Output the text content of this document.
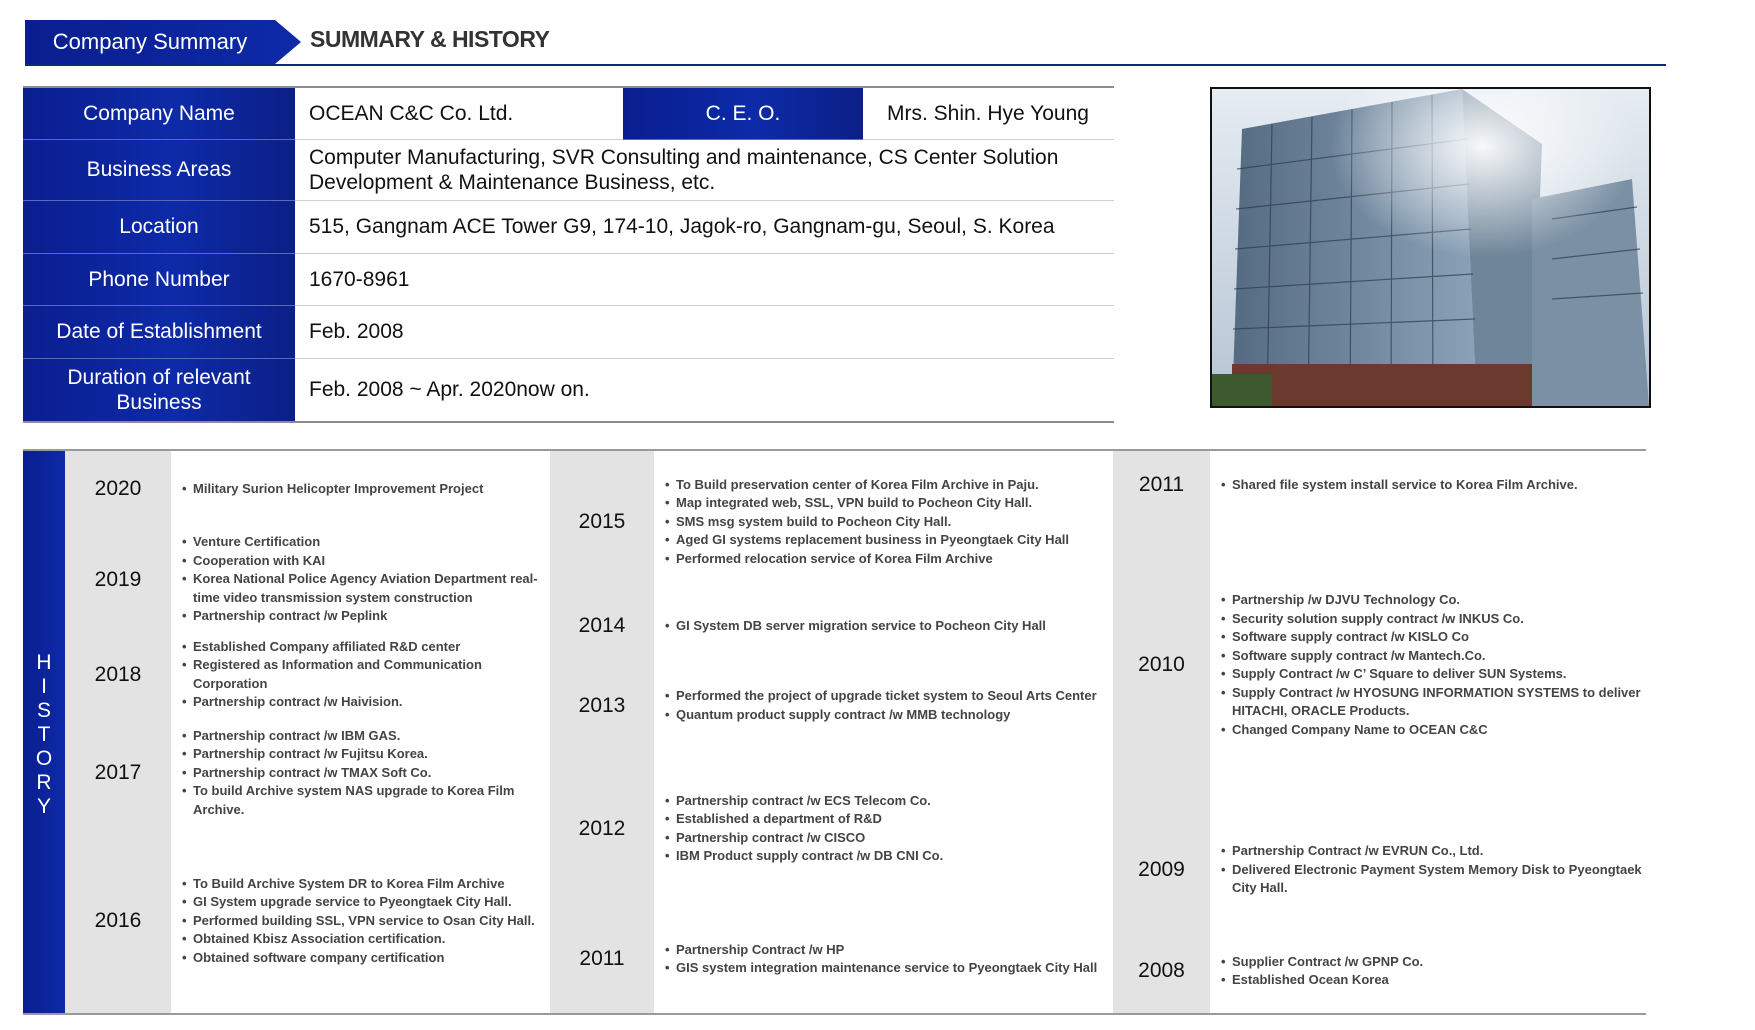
Company Summary	SUMMARY & HISTORY
Company Name	OCEAN C&C Co. Ltd.	C. E. O.	Mrs. Shin. Hye Young
Business Areas	Computer Manufacturing, SVR Consulting and maintenance, CS Center Solution Development & Maintenance Business, etc.		
Location	515, Gangnam ACE Tower G9, 174-10, Jagok-ro, Gangnam-gu, Seoul, S. Korea		
Phone Number	1670-8961		
Date of Establishment	Feb. 2008		
Duration of relevant Business	Feb. 2008 ~ Apr. 2020now on.		
H
I
S
T
O
R
Y
2020	• Military Surion Helicopter Improvement Project
2019
• Venture Certification
• Cooperation with KAI
• Korea National Police Agency Aviation Department real-time video transmission system construction
• Partnership contract /w Peplink
2018
• Established Company affiliated R&D center
• Registered as Information and Communication Corporation
• Partnership contract /w Haivision.
2017
• Partnership contract /w IBM GAS.
• Partnership contract /w Fujitsu Korea.
• Partnership contract /w TMAX Soft Co.
• To build Archive system NAS upgrade to Korea Film Archive.
2016
• To Build Archive System DR to Korea Film Archive
• GI System upgrade service to Pyeongtaek City Hall.
• Performed building SSL, VPN service to Osan City Hall.
• Obtained Kbisz Association certification.
• Obtained software company certification
2015
• To Build preservation center of Korea Film Archive in Paju.
• Map integrated web, SSL, VPN build to Pocheon City Hall.
• SMS msg system build to Pocheon City Hall.
• Aged GI systems replacement business in Pyeongtaek City Hall
• Performed relocation service of Korea Film Archive
2014	• GI System DB server migration service to Pocheon City Hall
2013	• Performed the project of upgrade ticket system to Seoul Arts Center
• Quantum product supply contract /w MMB technology
2012
• Partnership contract /w ECS Telecom Co.
• Established a department of R&D
• Partnership contract /w CISCO
• IBM Product supply contract /w DB CNI Co.
2011	• Partnership Contract /w HP
• GIS system integration maintenance service to Pyeongtaek City Hall
2011	• Shared file system install service to Korea Film Archive.
2010
• Partnership /w DJVU Technology Co.
• Security solution supply contract /w INKUS Co.
• Software supply contract /w KISLO Co
• Software supply contract /w Mantech.Co.
• Supply Contract /w C’ Square to deliver SUN Systems.
• Supply Contract /w HYOSUNG INFORMATION SYSTEMS to deliver HITACHI, ORACLE Products.
• Changed Company Name to OCEAN C&C
2009
• Partnership Contract /w EVRUN Co., Ltd.
• Delivered Electronic Payment System Memory Disk to Pyeongtaek City Hall.
2008	• Supplier Contract /w GPNP Co.
• Established Ocean Korea
